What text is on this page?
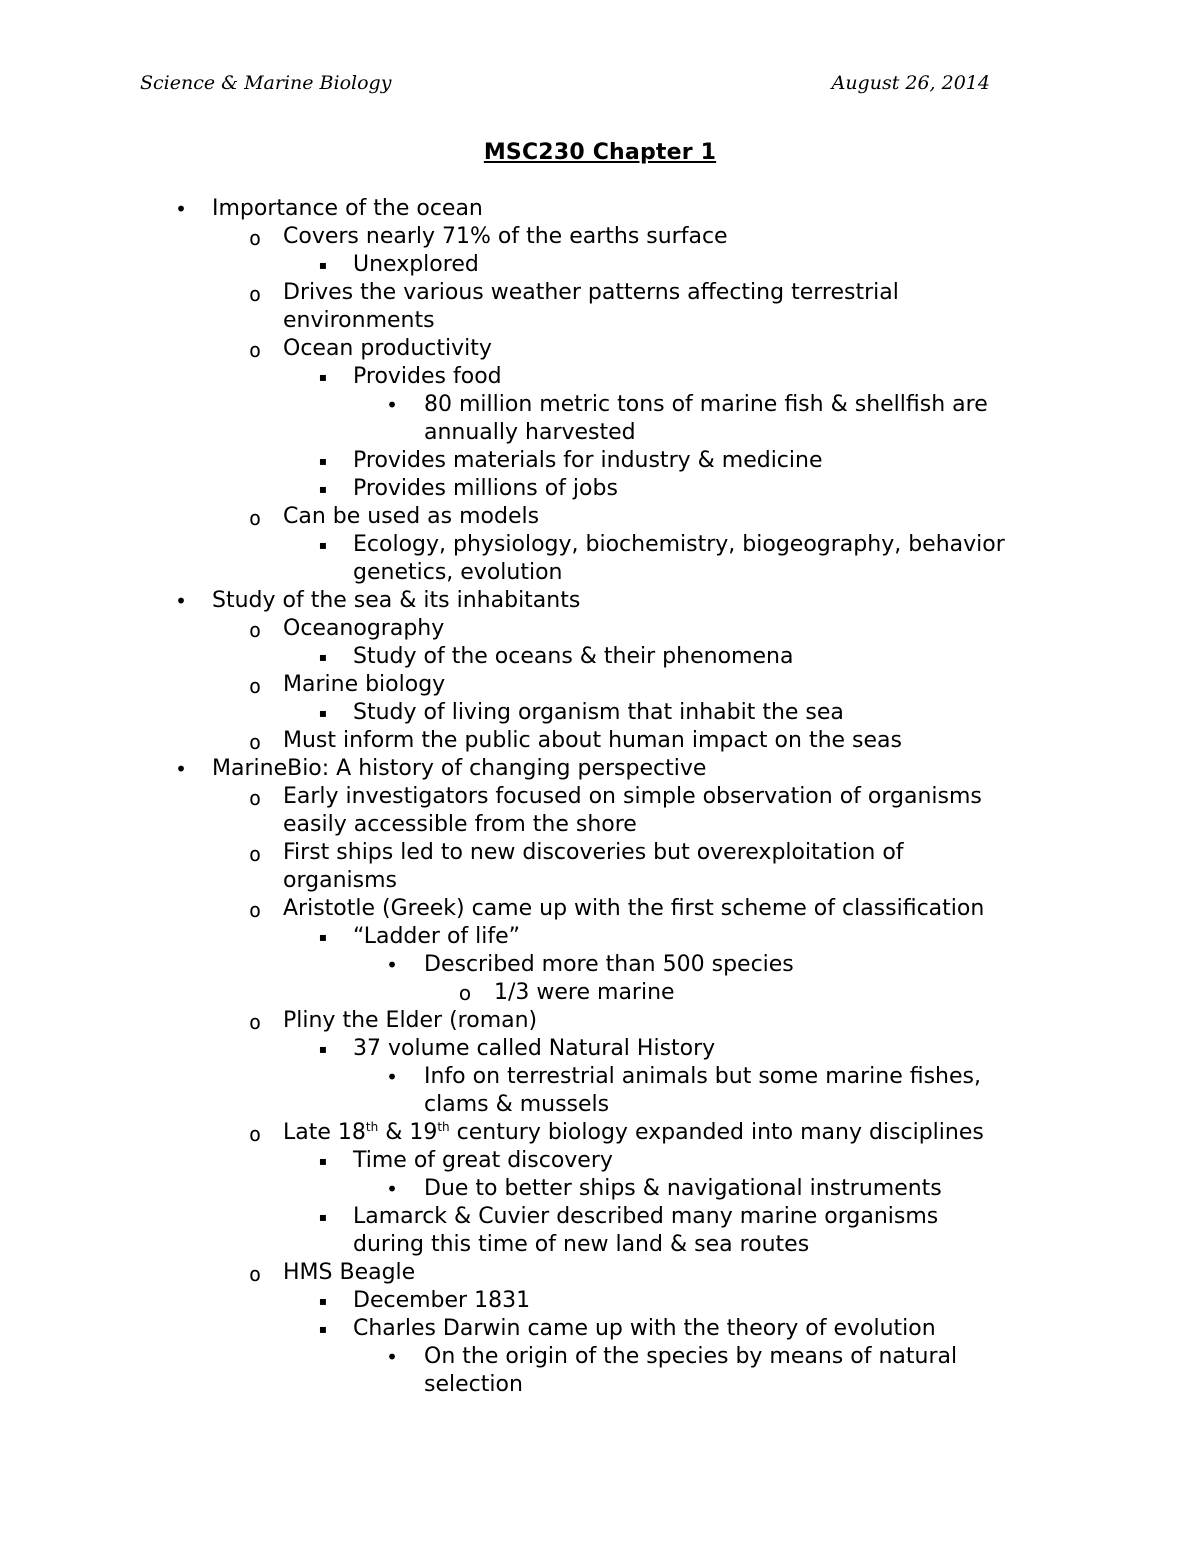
Science & Marine Biology	August 26, 2014
MSC230 Chapter 1
• Importance of the ocean
o Covers nearly 71% of the earths surface
▪	Unexplored
o Drives the various weather patterns affecting terrestrial
environments
o Ocean productivity
▪	Provides food
• 80 million metric tons of marine fish & shellfish are
annually harvested
▪	Provides materials for industry & medicine
▪	Provides millions of jobs
o Can be used as models
▪	Ecology, physiology, biochemistry, biogeography, behavior
genetics, evolution
• Study of the sea & its inhabitants
o Oceanography
▪	Study of the oceans & their phenomena
o Marine biology
▪	Study of living organism that inhabit the sea
o Must inform the public about human impact on the seas
• MarineBio: A history of changing perspective
o Early investigators focused on simple observation of organisms
easily accessible from the shore
o First ships led to new discoveries but overexploitation of
organisms
o Aristotle (Greek) came up with the first scheme of classification
▪	“Ladder of life”
• Described more than 500 species
o 1/3 were marine
o Pliny the Elder (roman)
▪	37 volume called Natural History
• Info on terrestrial animals but some marine fishes,
clams & mussels
o Late 18th & 19th century biology expanded into many disciplines
▪	Time of great discovery
• Due to better ships & navigational instruments
▪	Lamarck & Cuvier described many marine organisms
during this time of new land & sea routes
o HMS Beagle
▪	December 1831
▪	Charles Darwin came up with the theory of evolution
• On the origin of the species by means of natural
selection
